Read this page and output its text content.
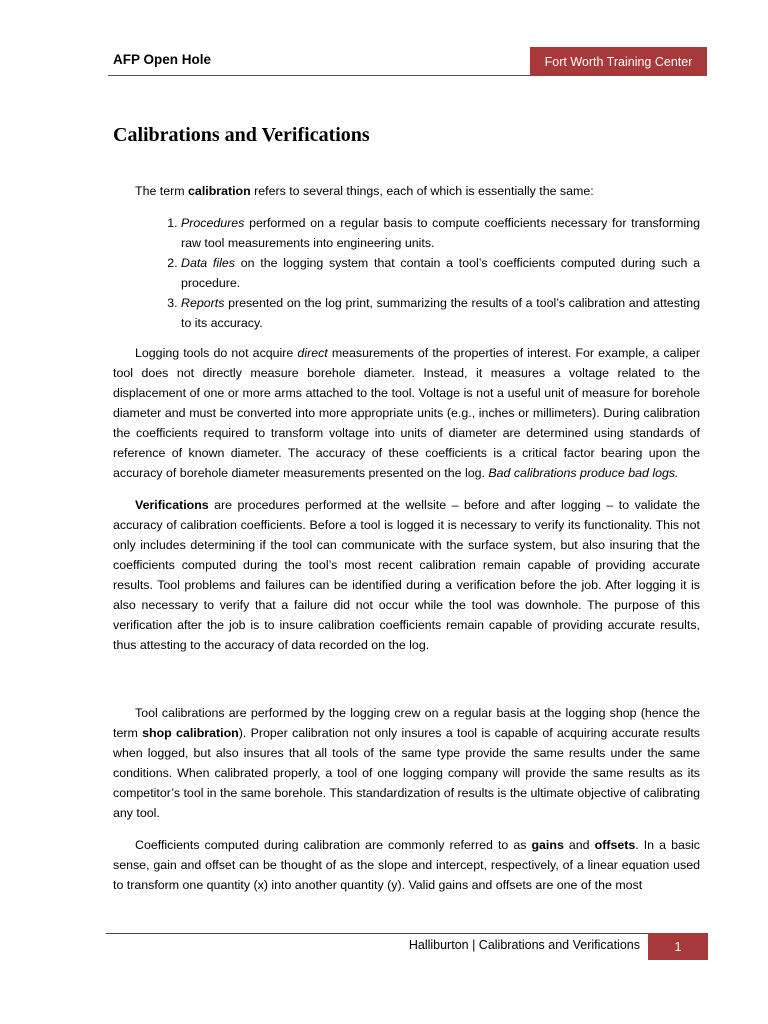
AFP Open Hole	Fort Worth Training Center
Calibrations and Verifications

The term calibration refers to several things, each of which is essentially the same:

1. Procedures performed on a regular basis to compute coefficients necessary for transforming raw tool measurements into engineering units.
2. Data files on the logging system that contain a tool’s coefficients computed during such a procedure.
3. Reports presented on the log print, summarizing the results of a tool’s calibration and attesting to its accuracy.

Logging tools do not acquire direct measurements of the properties of interest. For example, a caliper tool does not directly measure borehole diameter. Instead, it measures a voltage related to the displacement of one or more arms attached to the tool. Voltage is not a useful unit of measure for borehole diameter and must be converted into more appropriate units (e.g., inches or millimeters). During calibration the coefficients required to transform voltage into units of diameter are determined using standards of reference of known diameter. The accuracy of these coefficients is a critical factor bearing upon the accuracy of borehole diameter measurements presented on the log. Bad calibrations produce bad logs.

Verifications are procedures performed at the wellsite – before and after logging – to validate the accuracy of calibration coefficients. Before a tool is logged it is necessary to verify its functionality. This not only includes determining if the tool can communicate with the surface system, but also insuring that the coefficients computed during the tool’s most recent calibration remain capable of providing accurate results. Tool problems and failures can be identified during a verification before the job. After logging it is also necessary to verify that a failure did not occur while the tool was downhole. The purpose of this verification after the job is to insure calibration coefficients remain capable of providing accurate results, thus attesting to the accuracy of data recorded on the log.

Tool calibrations are performed by the logging crew on a regular basis at the logging shop (hence the term shop calibration). Proper calibration not only insures a tool is capable of acquiring accurate results when logged, but also insures that all tools of the same type provide the same results under the same conditions. When calibrated properly, a tool of one logging company will provide the same results as its competitor’s tool in the same borehole. This standardization of results is the ultimate objective of calibrating any tool.

Coefficients computed during calibration are commonly referred to as gains and offsets. In a basic sense, gain and offset can be thought of as the slope and intercept, respectively, of a linear equation used to transform one quantity (x) into another quantity (y). Valid gains and offsets are one of the most

Halliburton | Calibrations and Verifications	1
